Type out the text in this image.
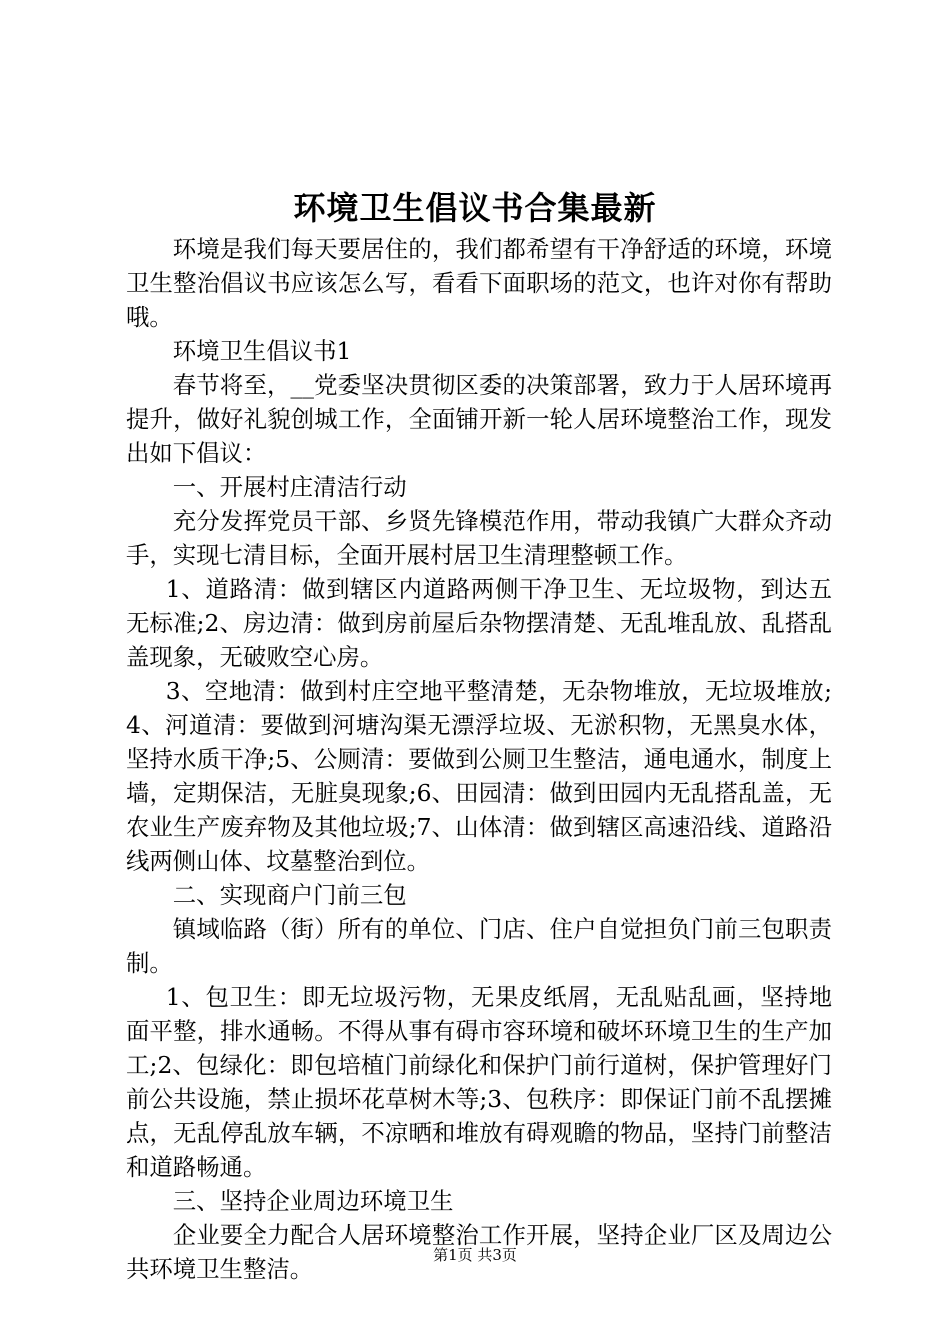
环境卫生倡议书合集最新

环境是我们每天要居住的，我们都希望有干净舒适的环境，环境卫生整治倡议书应该怎么写，看看下面职场的范文，也许对你有帮助哦。

环境卫生倡议书1

春节将至，__党委坚决贯彻区委的决策部署，致力于人居环境再提升，做好礼貌创城工作，全面铺开新一轮人居环境整治工作，现发出如下倡议：

一、开展村庄清洁行动

充分发挥党员干部、乡贤先锋模范作用，带动我镇广大群众齐动手，实现七清目标，全面开展村居卫生清理整顿工作。

1、道路清：做到辖区内道路两侧干净卫生、无垃圾物，到达五无标准;2、房边清：做到房前屋后杂物摆清楚、无乱堆乱放、乱搭乱盖现象，无破败空心房。

3、空地清：做到村庄空地平整清楚，无杂物堆放，无垃圾堆放;4、河道清：要做到河塘沟渠无漂浮垃圾、无淤积物，无黑臭水体，坚持水质干净;5、公厕清：要做到公厕卫生整洁，通电通水，制度上墙，定期保洁，无脏臭现象;6、田园清：做到田园内无乱搭乱盖，无农业生产废弃物及其他垃圾;7、山体清：做到辖区高速沿线、道路沿线两侧山体、坟墓整治到位。

二、实现商户门前三包

镇域临路（街）所有的单位、门店、住户自觉担负门前三包职责制。

1、包卫生：即无垃圾污物，无果皮纸屑，无乱贴乱画，坚持地面平整，排水通畅。不得从事有碍市容环境和破坏环境卫生的生产加工;2、包绿化：即包培植门前绿化和保护门前行道树，保护管理好门前公共设施，禁止损坏花草树木等;3、包秩序：即保证门前不乱摆摊点，无乱停乱放车辆，不凉晒和堆放有碍观瞻的物品，坚持门前整洁和道路畅通。

三、坚持企业周边环境卫生

企业要全力配合人居环境整治工作开展，坚持企业厂区及周边公共环境卫生整洁。	第1页 共3页
